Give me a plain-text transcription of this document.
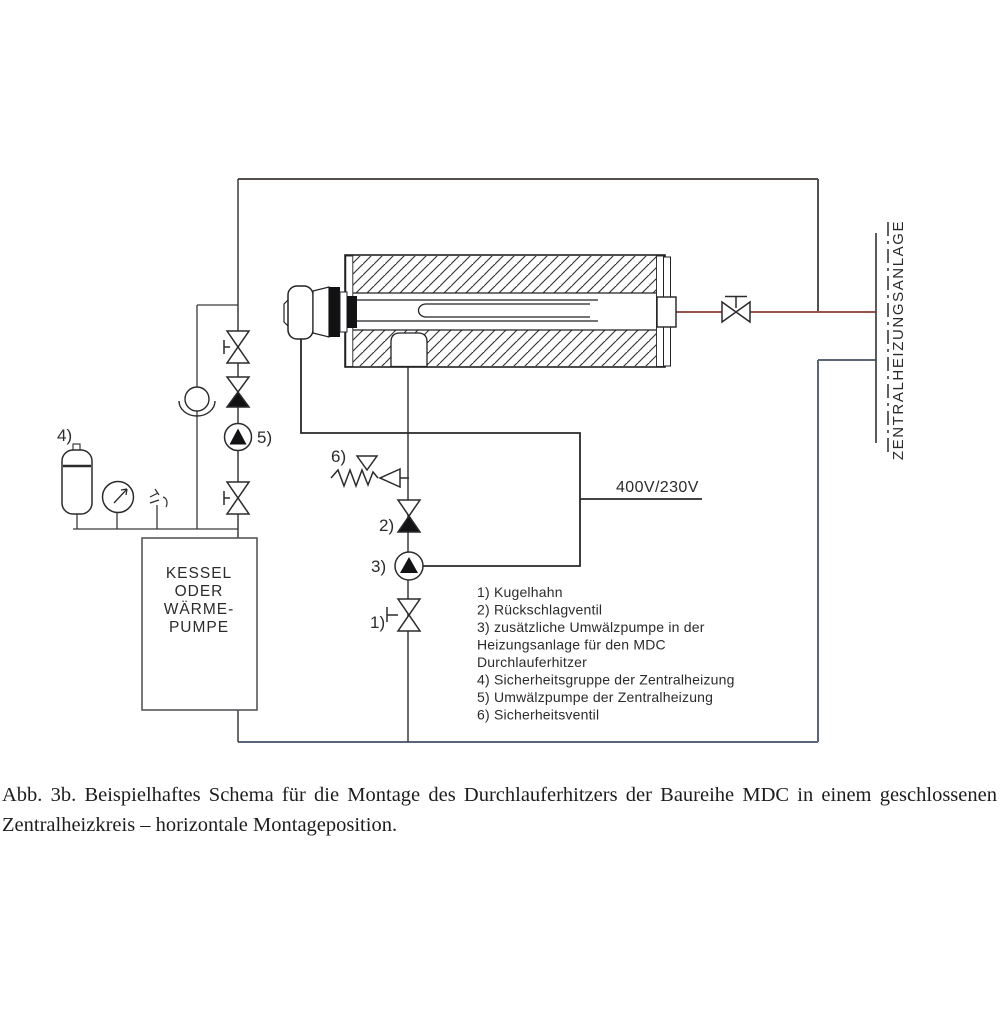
400V/230V
ZENTRALHEIZUNGSANLAGE
KESSEL
ODER
WÄRME-
PUMPE
4)	5)
6)
2)
3)
1)
1) Kugelhahn
2) Rückschlagventil
3) zusätzliche Umwälzpumpe in der
Heizungsanlage für den MDC
Durchlauferhitzer
4) Sicherheitsgruppe der Zentralheizung
5) Umwälzpumpe der Zentralheizung
6) Sicherheitsventil
Abb. 3b. Beispielhaftes Schema für die Montage des Durchlauferhitzers der Baureihe MDC in einem geschlossenen Zentralheizkreis – horizontale Montageposition.
